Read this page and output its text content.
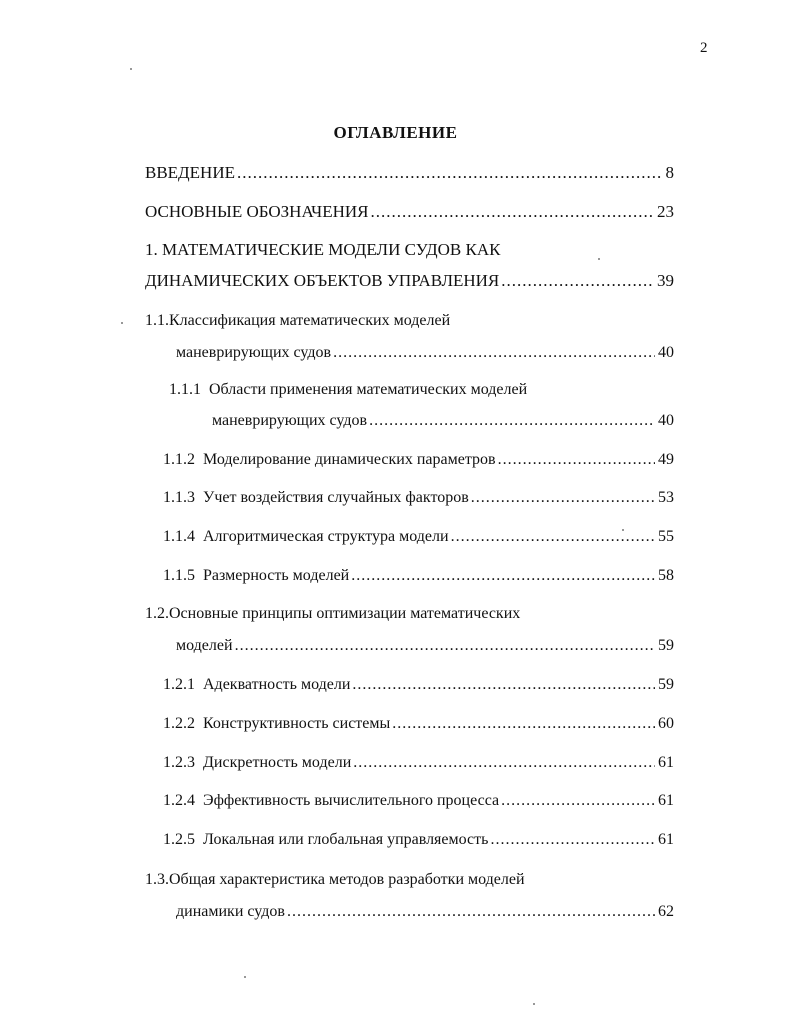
2
ОГЛАВЛЕНИЕ
ВВЕДЕНИЕ .....	8
ОСНОВНЫЕ ОБОЗНАЧЕНИЯ .....	23
1. МАТЕМАТИЧЕСКИЕ МОДЕЛИ СУДОВ КАК
ДИНАМИЧЕСКИХ ОБЪЕКТОВ УПРАВЛЕНИЯ .....	39
1.1.Классификация математических моделей
маневрирующих судов .....	40
1.1.1  Области применения математических моделей
маневрирующих судов .....	40
1.1.2  Моделирование динамических параметров .....	49
1.1.3  Учет воздействия случайных факторов .....	53
1.1.4  Алгоритмическая структура модели .....	55
1.1.5  Размерность моделей .....	58
1.2.Основные принципы оптимизации математических
моделей .....	59
1.2.1  Адекватность модели .....	59
1.2.2  Конструктивность системы .....	60
1.2.3  Дискретность модели .....	61
1.2.4  Эффективность вычислительного процесса .....	61
1.2.5  Локальная или глобальная управляемость .....	61
1.3.Общая характеристика методов разработки моделей
динамики судов .....	62
